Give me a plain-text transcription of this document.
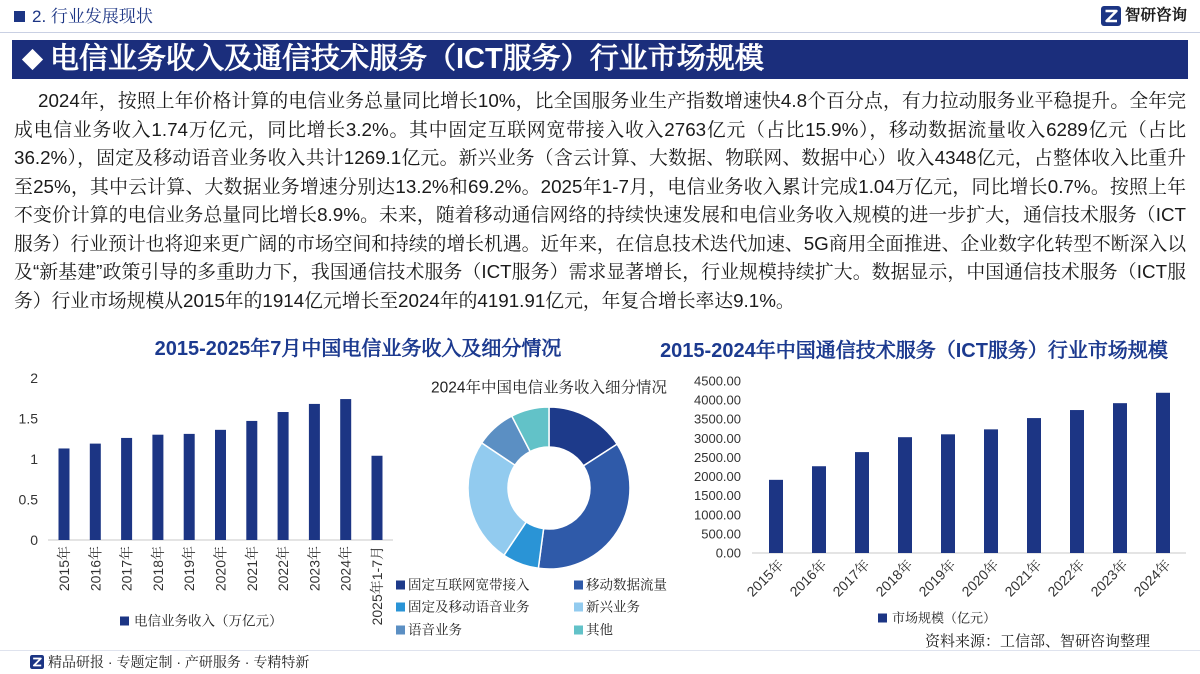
2. 行业发展现状	智研咨询
电信业务收入及通信技术服务（ICT服务）行业市场规模
2024年，按照上年价格计算的电信业务总量同比增长10%，比全国服务业生产指数增速快4.8个百分点，有力拉动服务业平稳提升。全年完成电信业务收入1.74万亿元，同比增长3.2%。其中固定互联网宽带接入收入2763亿元（占比15.9%），移动数据流量收入6289亿元（占比36.2%），固定及移动语音业务收入共计1269.1亿元。新兴业务（含云计算、大数据、物联网、数据中心）收入4348亿元，占整体收入比重升至25%，其中云计算、大数据业务增速分别达13.2%和69.2%。2025年1-7月，电信业务收入累计完成1.04万亿元，同比增长0.7%。按照上年不变价计算的电信业务总量同比增长8.9%。未来，随着移动通信网络的持续快速发展和电信业务收入规模的进一步扩大，通信技术服务（ICT服务）行业预计也将迎来更广阔的市场空间和持续的增长机遇。近年来，在信息技术迭代加速、5G商用全面推进、企业数字化转型不断深入以及“新基建”政策引导的多重助力下，我国通信技术服务（ICT服务）需求显著增长，行业规模持续扩大。数据显示，中国通信技术服务（ICT服务）行业市场规模从2015年的1914亿元增长至2024年的4191.91亿元，年复合增长率达9.1%。
2015-2025年7月中国电信业务收入及细分情况	2015-2024年中国通信技术服务（ICT服务）行业市场规模
0
0.5
1
1.5
2
2015年 2016年 2017年 2018年 2019年 2020年 2021年 2022年 2023年 2024年 2025年1-7月
电信业务收入（万亿元）
2024年中国电信业务收入细分情况
固定互联网宽带接入	移动数据流量
固定及移动语音业务	新兴业务
语音业务	其他
0.00
500.00
1000.00
1500.00
2000.00
2500.00
3000.00
3500.00
4000.00
4500.00
2015年 2016年 2017年 2018年 2019年 2020年 2021年 2022年 2023年 2024年
市场规模（亿元）
资料来源：工信部、智研咨询整理
精品研报 · 专题定制 · 产研服务 · 专精特新
